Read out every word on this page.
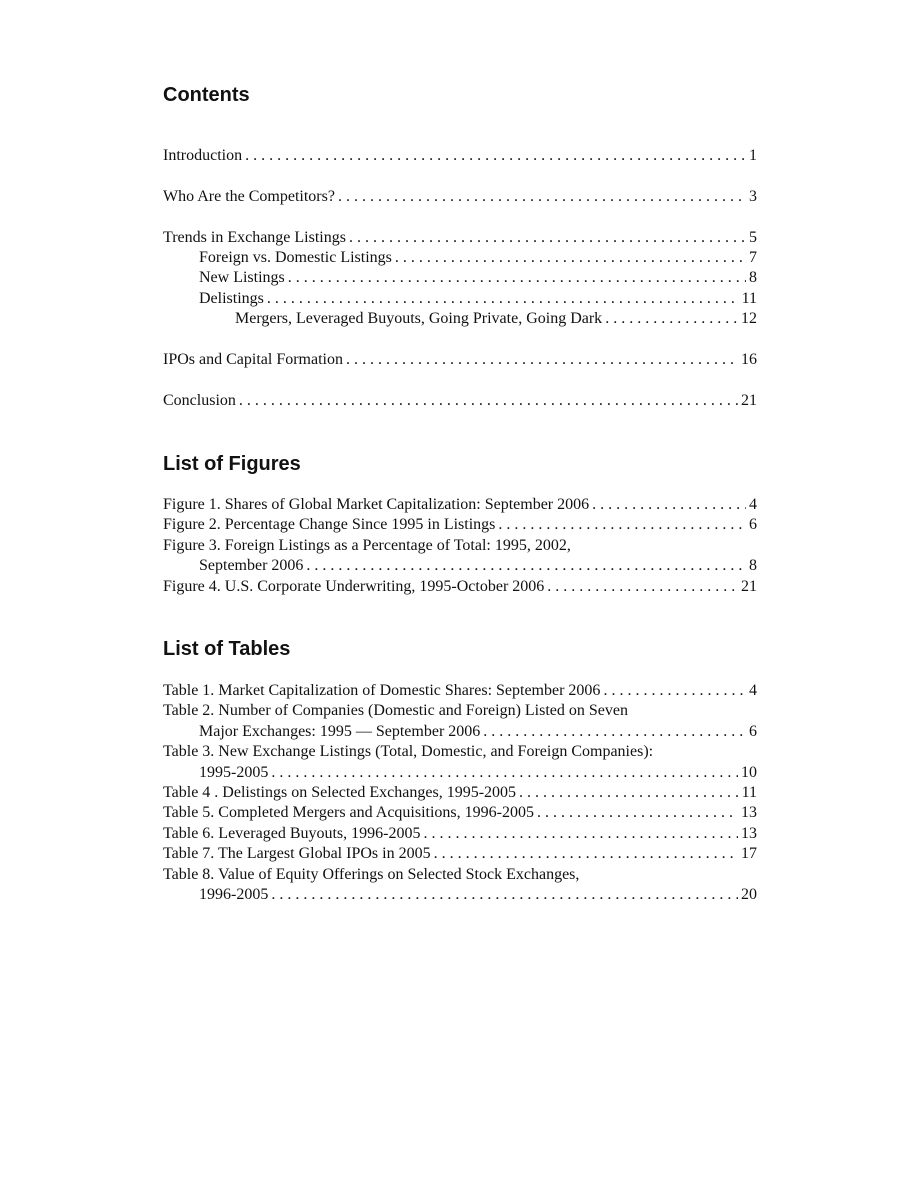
Contents
Introduction . . .	1
Who Are the Competitors? . . .	3
Trends in Exchange Listings . . .	5
Foreign vs. Domestic Listings . . .	7
New Listings . . .	8
Delistings . . .	11
Mergers, Leveraged Buyouts, Going Private, Going Dark . . .	12
IPOs and Capital Formation . . .	16
Conclusion . . .	21
List of Figures
Figure 1. Shares of Global Market Capitalization: September 2006 . . .	4
Figure 2. Percentage Change Since 1995 in Listings . . .	6
Figure 3. Foreign Listings as a Percentage of Total: 1995, 2002,
September 2006 . . .	8
Figure 4. U.S. Corporate Underwriting, 1995-October 2006 . . .	21
List of Tables
Table 1. Market Capitalization of Domestic Shares: September 2006 . . .	4
Table 2. Number of Companies (Domestic and Foreign) Listed on Seven
Major Exchanges: 1995 — September 2006 . . .	6
Table 3. New Exchange Listings (Total, Domestic, and Foreign Companies):
1995-2005 . . .	10
Table 4 . Delistings on Selected Exchanges, 1995-2005 . . .	11
Table 5. Completed Mergers and Acquisitions, 1996-2005 . . .	13
Table 6. Leveraged Buyouts, 1996-2005 . . .	13
Table 7. The Largest Global IPOs in 2005 . . .	17
Table 8. Value of Equity Offerings on Selected Stock Exchanges,
1996-2005 . . .	20
